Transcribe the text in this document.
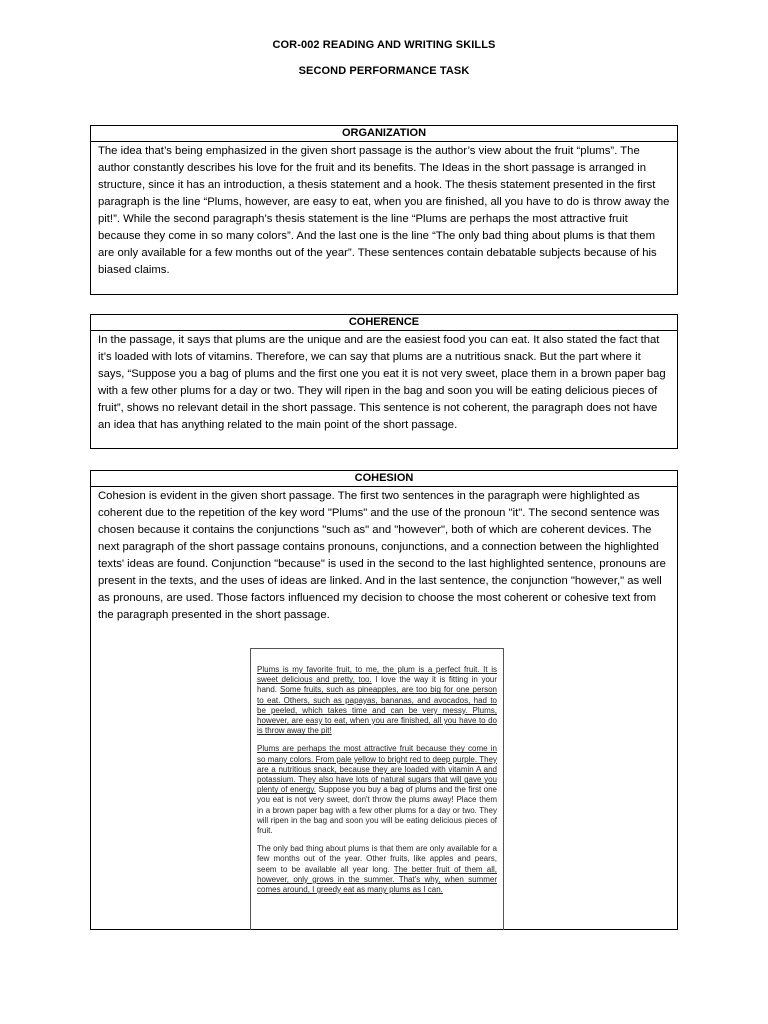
COR-002 READING AND WRITING SKILLS
SECOND PERFORMANCE TASK
ORGANIZATION
The idea that’s being emphasized in the given short passage is the author’s view about the fruit “plums”. The author constantly describes his love for the fruit and its benefits. The Ideas in the short passage is arranged in structure, since it has an introduction, a thesis statement and a hook. The thesis statement presented in the first paragraph is the line “Plums, however, are easy to eat, when you are finished, all you have to do is throw away the pit!”. While the second paragraph’s thesis statement is the line “Plums are perhaps the most attractive fruit because they come in so many colors”. And the last one is the line “The only bad thing about plums is that them are only available for a few months out of the year”. These sentences contain debatable subjects because of his biased claims.
COHERENCE
In the passage, it says that plums are the unique and are the easiest food you can eat. It also stated the fact that it’s loaded with lots of vitamins. Therefore, we can say that plums are a nutritious snack. But the part where it says, “Suppose you a bag of plums and the first one you eat it is not very sweet, place them in a brown paper bag with a few other plums for a day or two. They will ripen in the bag and soon you will be eating delicious pieces of fruit”, shows no relevant detail in the short passage. This sentence is not coherent, the paragraph does not have an idea that has anything related to the main point of the short passage.
COHESION
Cohesion is evident in the given short passage. The first two sentences in the paragraph were highlighted as coherent due to the repetition of the key word "Plums" and the use of the pronoun "it". The second sentence was chosen because it contains the conjunctions "such as" and "however", both of which are coherent devices. The next paragraph of the short passage contains pronouns, conjunctions, and a connection between the highlighted texts' ideas are found. Conjunction "because" is used in the second to the last highlighted sentence, pronouns are present in the texts, and the uses of ideas are linked. And in the last sentence, the conjunction "however," as well as pronouns, are used. Those factors influenced my decision to choose the most coherent or cohesive text from the paragraph presented in the short passage.

Plums is my favorite fruit, to me, the plum is a perfect fruit. It is sweet delicious and pretty, too. I love the way it is fitting in your hand. Some fruits, such as pineapples, are too big for one person to eat. Others, such as papayas, bananas, and avocados, had to be peeled, which takes time and can be very messy. Plums, however, are easy to eat, when you are finished, all you have to do is throw away the pit!

Plums are perhaps the most attractive fruit because they come in so many colors. From pale yellow to bright red to deep purple. They are a nutritious snack, because they are loaded with vitamin A and potassium. They also have lots of natural sugars that will gave you plenty of energy. Suppose you buy a bag of plums and the first one you eat is not very sweet, don't throw the plums away! Place them in a brown paper bag with a few other plums for a day or two. They will ripen in the bag and soon you will be eating delicious pieces of fruit.

The only bad thing about plums is that them are only available for a few months out of the year. Other fruits, like apples and pears, seem to be available all year long. The better fruit of them all, however, only grows in the summer. That's why, when summer comes around, I greedy eat as many plums as I can.
